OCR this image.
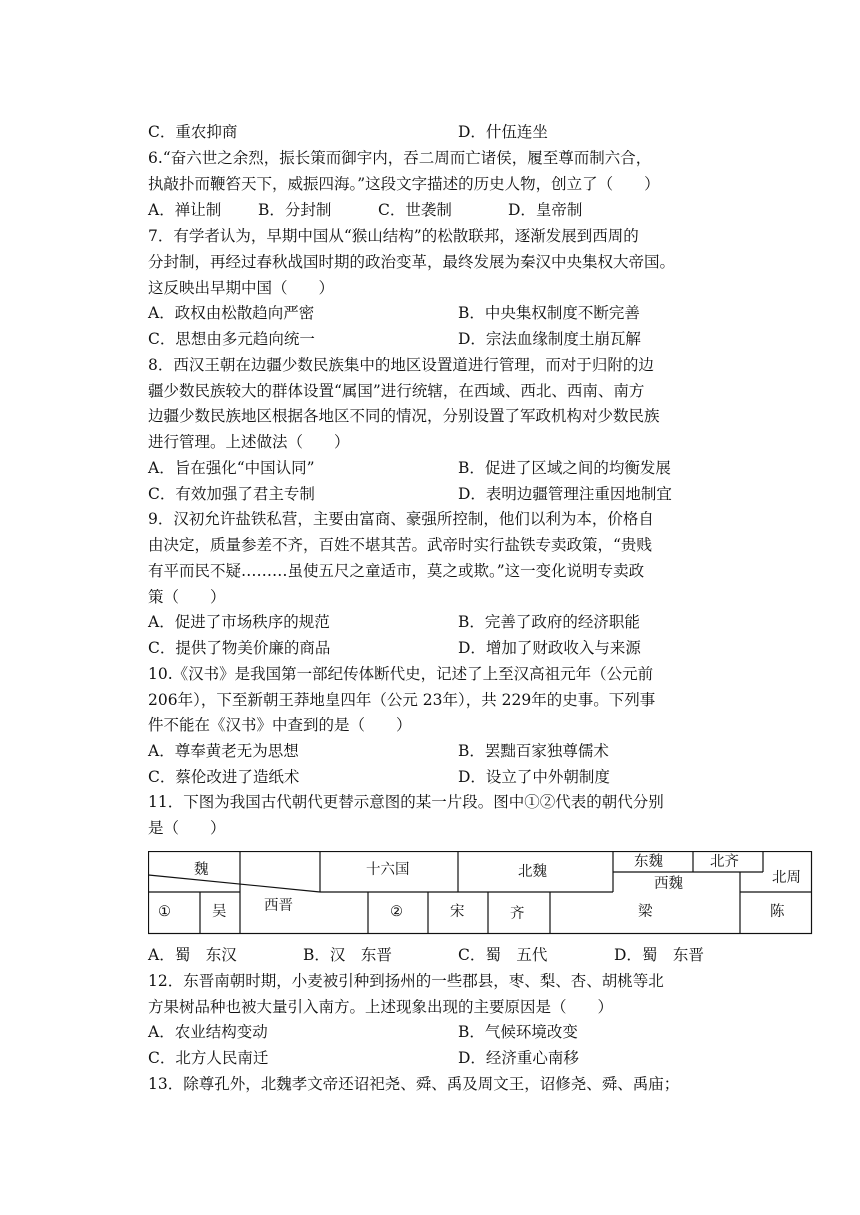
C．重农抑商	D．什伍连坐
6.“奋六世之余烈，振长策而御宇内，吞二周而亡诸侯，履至尊而制六合，
执敲扑而鞭笞天下，威振四海。”这段文字描述的历史人物，创立了（　　）
A．禅让制 B．分封制	C．世袭制	D．皇帝制
7．有学者认为，早期中国从“猴山结构”的松散联邦，逐渐发展到西周的
分封制，再经过春秋战国时期的政治变革，最终发展为秦汉中央集权大帝国。
这反映出早期中国（　　）
A．政权由松散趋向严密	B．中央集权制度不断完善
C．思想由多元趋向统一	D．宗法血缘制度土崩瓦解
8．西汉王朝在边疆少数民族集中的地区设置道进行管理，而对于归附的边
疆少数民族较大的群体设置“属国”进行统辖，在西域、西北、西南、南方
边疆少数民族地区根据各地区不同的情况，分别设置了军政机构对少数民族
进行管理。上述做法（　　）
A．旨在强化“中国认同”	B．促进了区域之间的均衡发展
C．有效加强了君主专制	D．表明边疆管理注重因地制宜
9．汉初允许盐铁私营，主要由富商、豪强所控制，他们以利为本，价格自
由决定，质量参差不齐，百姓不堪其苦。武帝时实行盐铁专卖政策，“贵贱
有平而民不疑………虽使五尺之童适市，莫之或欺。”这一变化说明专卖政
策（　　）
A．促进了市场秩序的规范	B．完善了政府的经济职能
C．提供了物美价廉的商品	D．增加了财政收入与来源
10.《汉书》是我国第一部纪传体断代史，记述了上至汉高祖元年（公元前
206年），下至新朝王莽地皇四年（公元 23年），共 229年的史事。下列事
件不能在《汉书》中查到的是（　　）
A．尊奉黄老无为思想	B．罢黜百家独尊儒术
C．蔡伦改进了造纸术	D．设立了中外朝制度
11．下图为我国古代朝代更替示意图的某一片段。图中①②代表的朝代分别
是（　　）
魏
①	吴	西晋
十六国	北魏
东魏	北齐
西魏	北周
②	宋	齐	梁	陈
A．蜀　东汉	B．汉　东晋	C．蜀　五代	D．蜀　东晋
12．东晋南朝时期，小麦被引种到扬州的一些郡县，枣、梨、杏、胡桃等北
方果树品种也被大量引入南方。上述现象出现的主要原因是（　　）
A．农业结构变动	B．气候环境改变
C．北方人民南迁	D．经济重心南移
13．除尊孔外，北魏孝文帝还诏祀尧、舜、禹及周文王，诏修尧、舜、禹庙；
